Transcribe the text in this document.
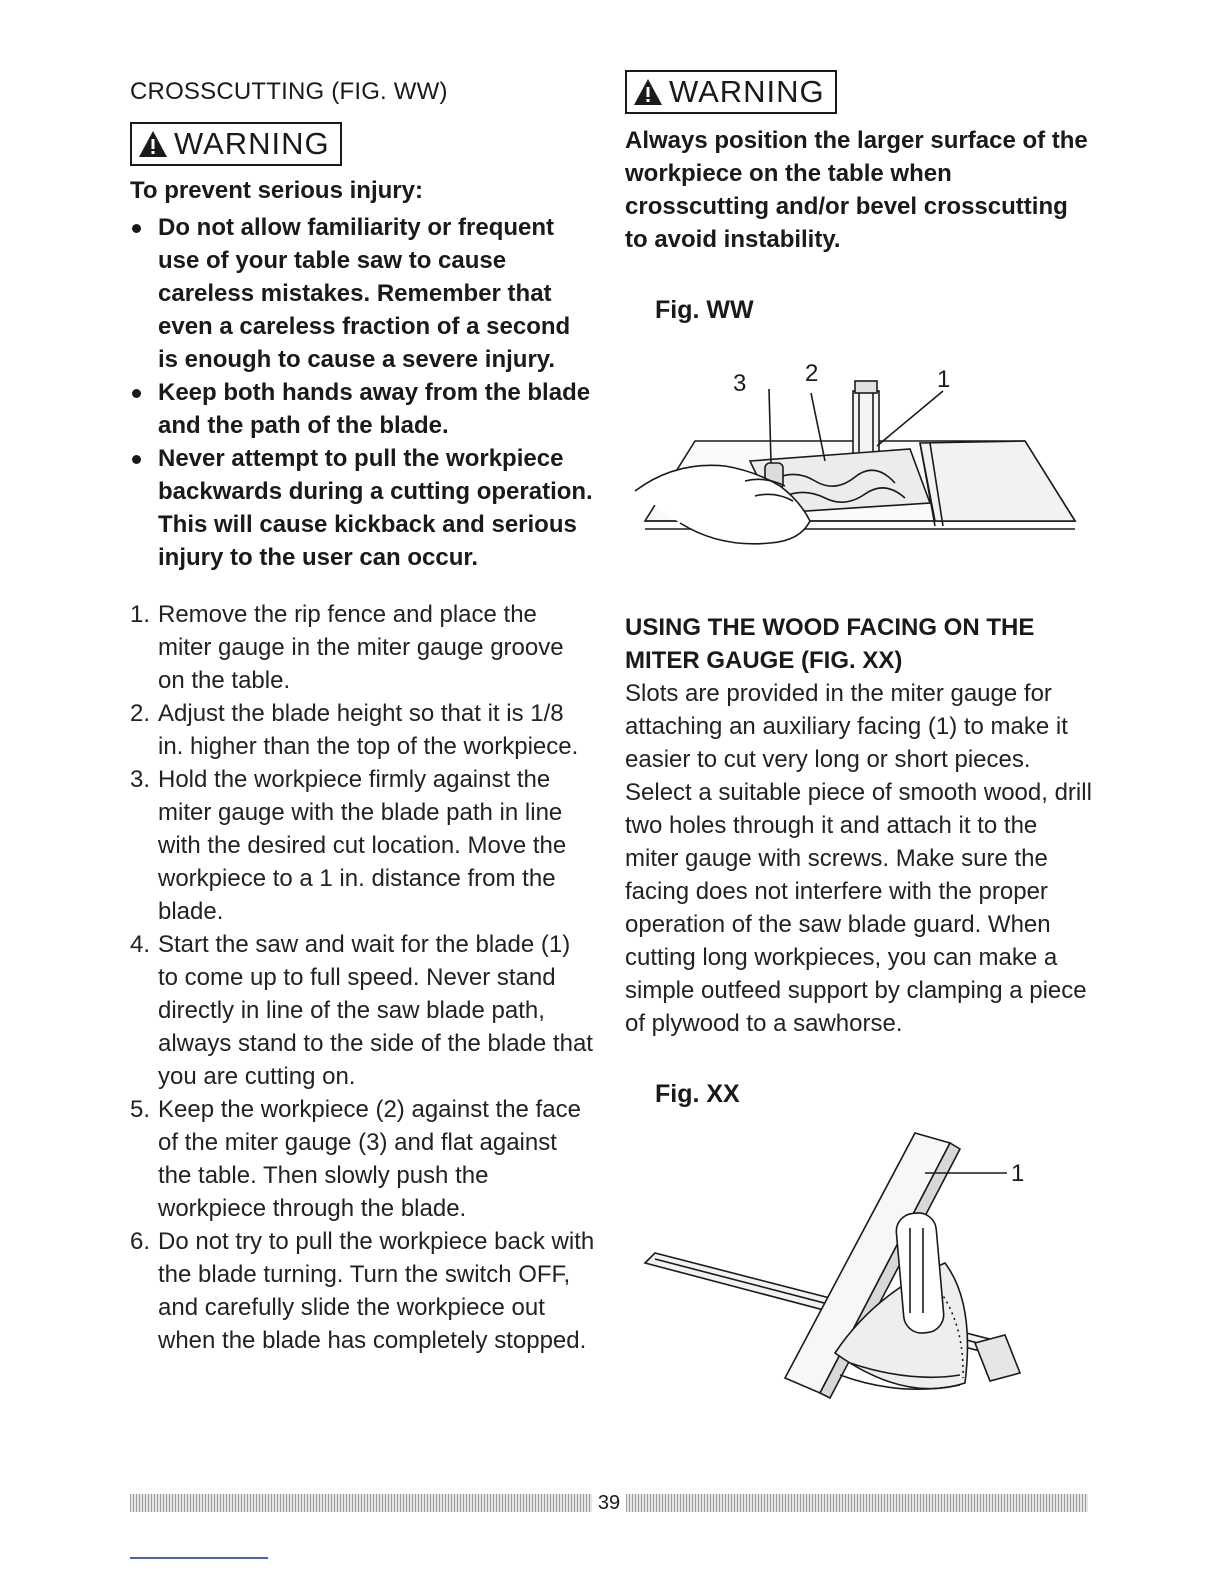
CROSSCUTTING (FIG. WW)
WARNING
To prevent serious injury:
Do not allow familiarity or frequent use of your table saw to cause careless mistakes. Remember that even a careless fraction of a second is enough to cause a severe injury.
Keep both hands away from the blade and the path of the blade.
Never attempt to pull the workpiece backwards during a cutting operation. This will cause kickback and serious injury to the user can occur.
1. Remove the rip fence and place the miter gauge in the miter gauge groove on the table.
2. Adjust the blade height so that it is 1/8 in. higher than the top of the workpiece.
3. Hold the workpiece firmly against the miter gauge with the blade path in line with the desired cut location. Move the workpiece to a 1 in. distance from the blade.
4. Start the saw and wait for the blade (1) to come up to full speed. Never stand directly in line of the saw blade path, always stand to the side of the blade that you are cutting on.
5. Keep the workpiece (2) against the face of the miter gauge (3) and flat against the table. Then slowly push the workpiece through the blade.
6. Do not try to pull the workpiece back with the blade turning. Turn the switch OFF, and carefully slide the workpiece out when the blade has completely stopped.
WARNING
Always position the larger surface of the workpiece on the table when crosscutting and/or bevel crosscutting to avoid instability.
Fig. WW
2
3	1
USING THE WOOD FACING ON THE MITER GAUGE (FIG. XX)

Slots are provided in the miter gauge for attaching an auxiliary facing (1) to make it easier to cut very long or short pieces. Select a suitable piece of smooth wood, drill two holes through it and attach it to the miter gauge with screws. Make sure the facing does not interfere with the proper operation of the saw blade guard. When cutting long workpieces, you can make a simple outfeed support by clamping a piece of plywood to a sawhorse.

Fig. XX
1
39
